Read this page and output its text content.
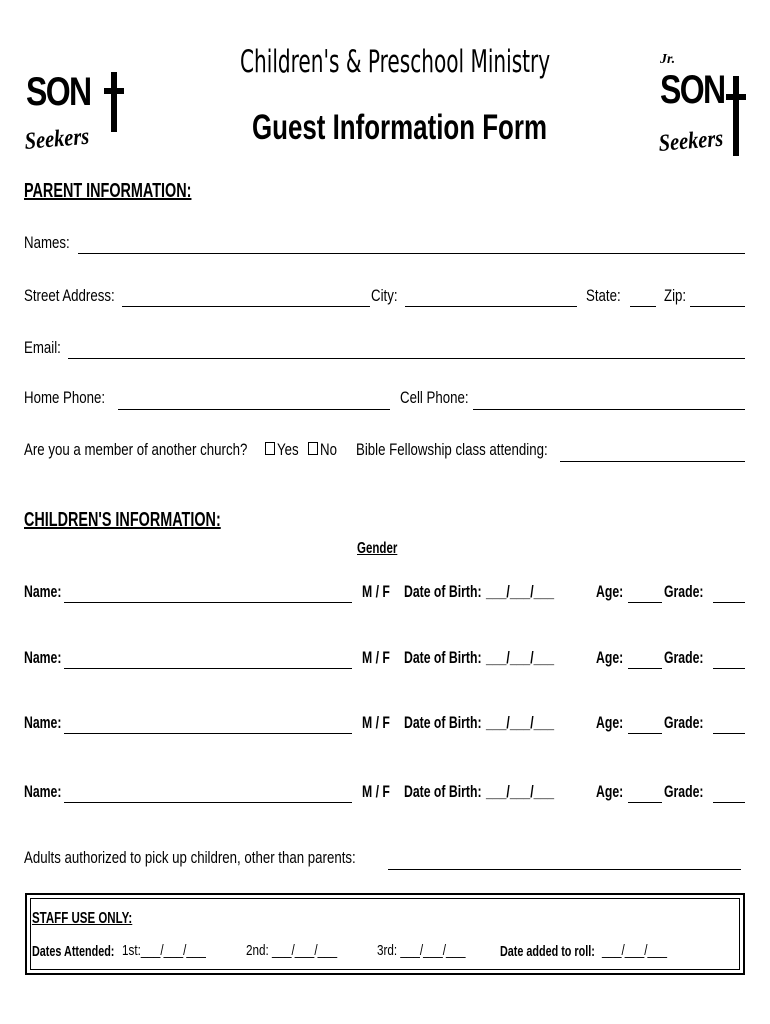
SON
Seekers
Jr.
SON
Seekers
Children's & Preschool Ministry
Guest Information Form
PARENT INFORMATION:
Names:
Street Address:	City:	State:	Zip:
Email:
Home Phone:	Cell Phone:
Are you a member of another church? Yes No Bible Fellowship class attending:
CHILDREN'S INFORMATION:
Gender
Name:	M / F Date of Birth: ___/___/___ Age: Grade:
Name:	M / F Date of Birth: ___/___/___ Age: Grade:
Name:	M / F Date of Birth: ___/___/___ Age: Grade:
Name:	M / F Date of Birth: ___/___/___ Age: Grade:
Adults authorized to pick up children, other than parents:
STAFF USE ONLY:
Dates Attended: 1st:___/___/___	2nd: ___/___/___	3rd: ___/___/___ Date added to roll: ___/___/___
